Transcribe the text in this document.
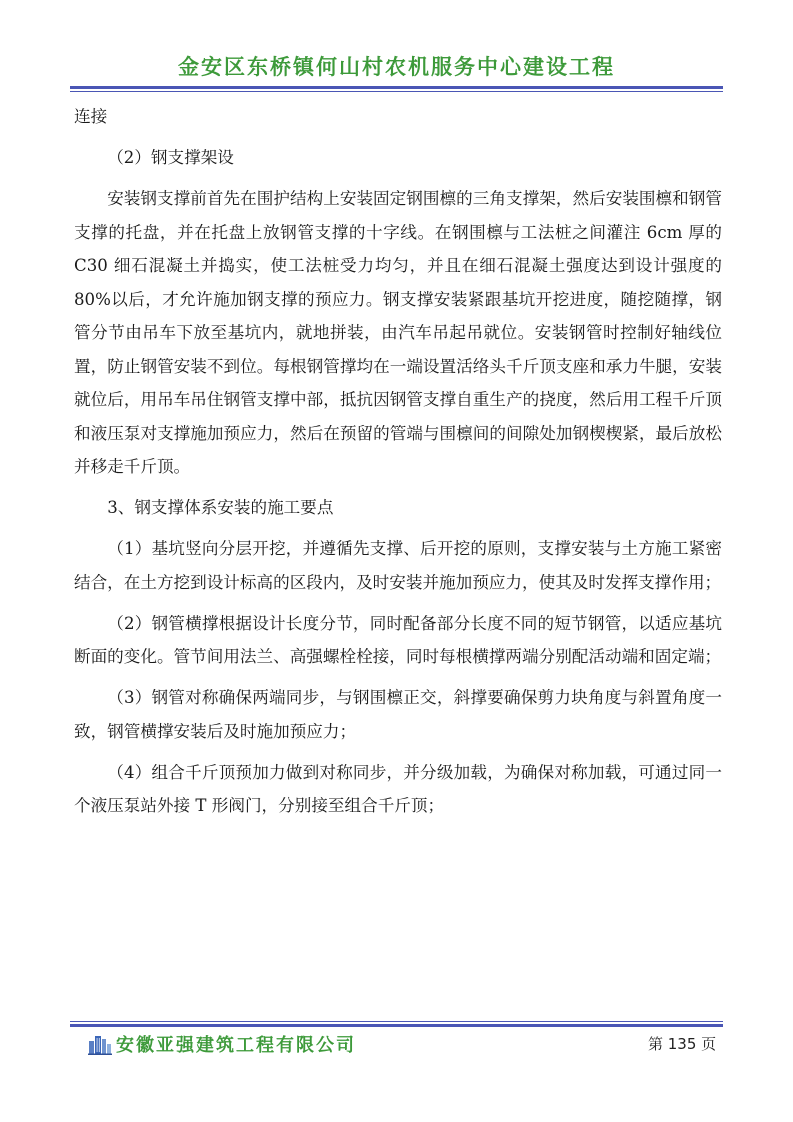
金安区东桥镇何山村农机服务中心建设工程

连接

（2）钢支撑架设

安装钢支撑前首先在围护结构上安装固定钢围檩的三角支撑架，然后安装围檩和钢管支撑的托盘，并在托盘上放钢管支撑的十字线。在钢围檩与工法桩之间灌注 6cm 厚的 C30 细石混凝土并捣实，使工法桩受力均匀，并且在细石混凝土强度达到设计强度的 80%以后，才允许施加钢支撑的预应力。钢支撑安装紧跟基坑开挖进度，随挖随撑，钢管分节由吊车下放至基坑内，就地拼装，由汽车吊起吊就位。安装钢管时控制好轴线位置，防止钢管安装不到位。每根钢管撑均在一端设置活络头千斤顶支座和承力牛腿，安装就位后，用吊车吊住钢管支撑中部，抵抗因钢管支撑自重生产的挠度，然后用工程千斤顶和液压泵对支撑施加预应力，然后在预留的管端与围檩间的间隙处加钢楔楔紧，最后放松并移走千斤顶。

3、钢支撑体系安装的施工要点

（1）基坑竖向分层开挖，并遵循先支撑、后开挖的原则，支撑安装与土方施工紧密结合，在土方挖到设计标高的区段内，及时安装并施加预应力，使其及时发挥支撑作用；

（2）钢管横撑根据设计长度分节，同时配备部分长度不同的短节钢管，以适应基坑断面的变化。管节间用法兰、高强螺栓栓接，同时每根横撑两端分别配活动端和固定端；

（3）钢管对称确保两端同步，与钢围檩正交，斜撑要确保剪力块角度与斜置角度一致，钢管横撑安装后及时施加预应力；

（4）组合千斤顶预加力做到对称同步，并分级加载，为确保对称加载，可通过同一个液压泵站外接 T 形阀门，分别接至组合千斤顶；

安徽亚强建筑工程有限公司	第 135 页
